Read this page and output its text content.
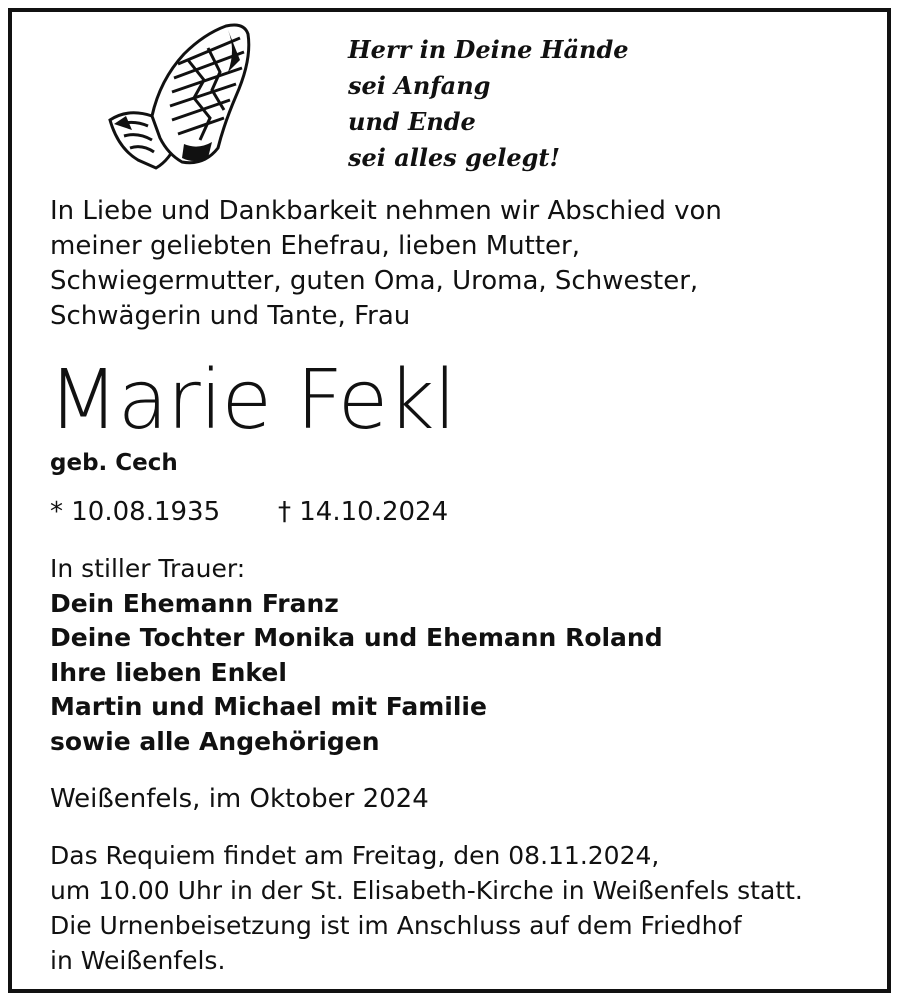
Herr in Deine Hände
sei Anfang
und Ende
sei alles gelegt!
In Liebe und Dankbarkeit nehmen wir Abschied von
meiner geliebten Ehefrau, lieben Mutter,
Schwiegermutter, guten Oma, Uroma, Schwester,
Schwägerin und Tante, Frau
Marie Fekl
geb. Cech
* 10.08.1935 † 14.10.2024
In stiller Trauer:
Dein Ehemann Franz
Deine Tochter Monika und Ehemann Roland
Ihre lieben Enkel
Martin und Michael mit Familie
sowie alle Angehörigen
Weißenfels, im Oktober 2024
Das Requiem findet am Freitag, den 08.11.2024,
um 10.00 Uhr in der St. Elisabeth-Kirche in Weißenfels statt.
Die Urnenbeisetzung ist im Anschluss auf dem Friedhof
in Weißenfels.
